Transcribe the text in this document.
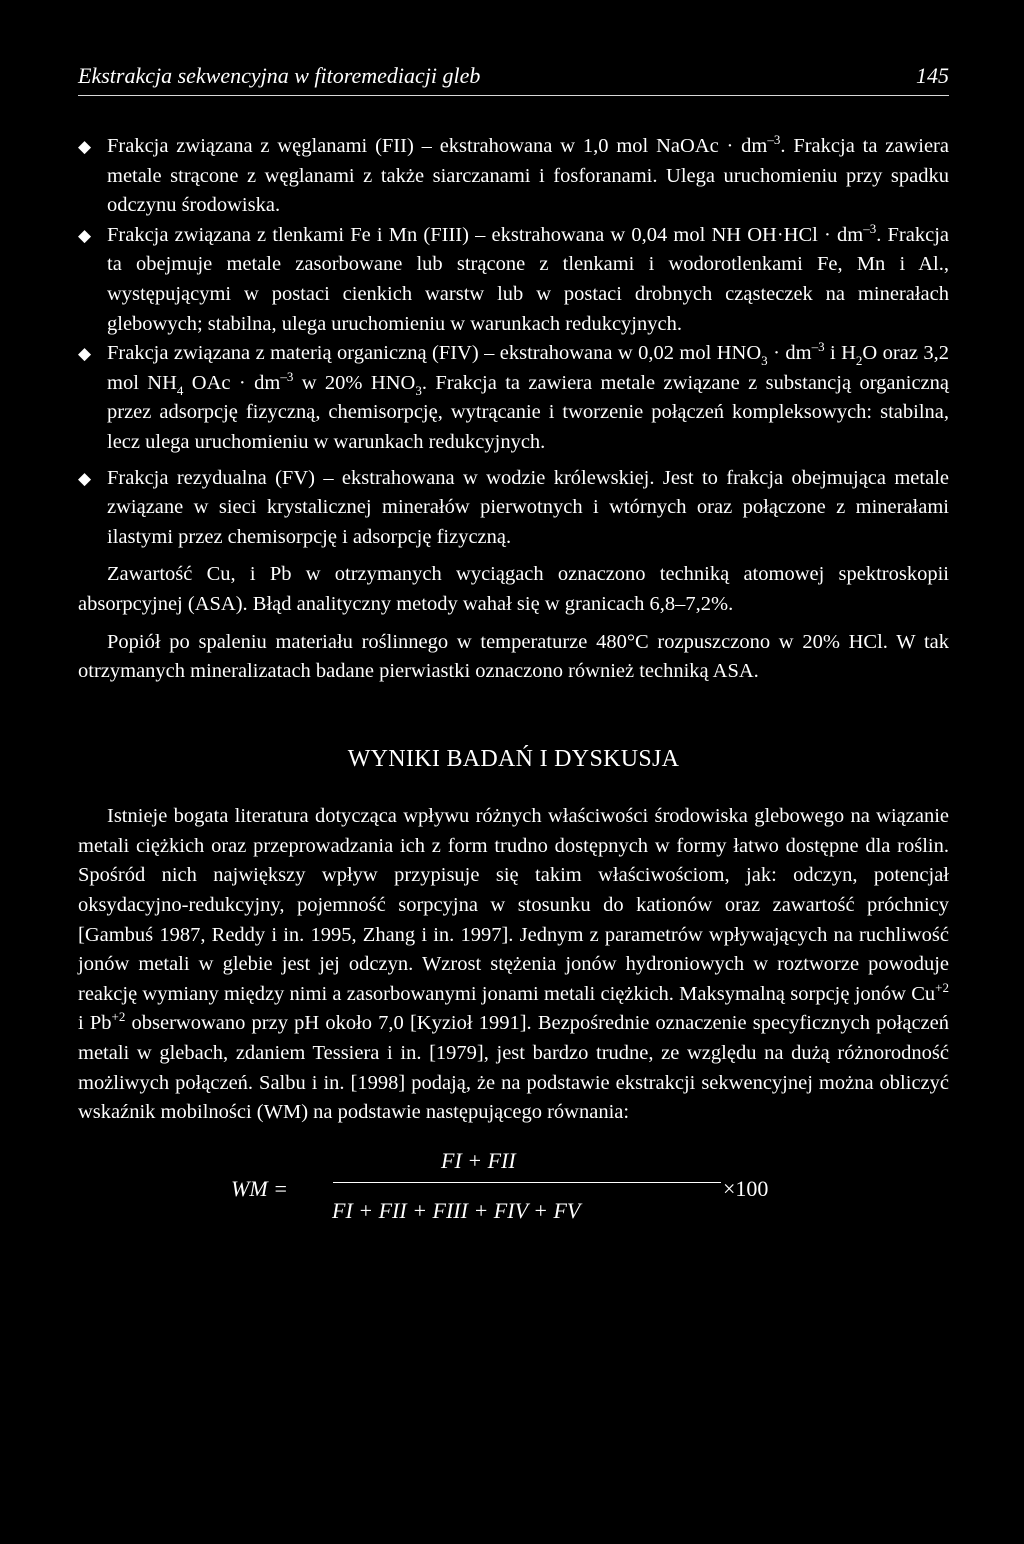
Ekstrakcja sekwencyjna w fitoremediacji gleb	145

◆ Frakcja związana z węglanami (FII) – ekstrahowana w 1,0 mol NaOAc · $dm^{-3}$. Frakcja ta zawiera metale strącone z węglanami z także siarczanami i fosforanami. Ulega uruchomieniu przy spadku odczynu środowiska.

◆ Frakcja związana z tlenkami Fe i Mn (FIII) – ekstrahowana w 0,04 mol NH $OH\cdot HCl \cdot dm^{-3}$. Frakcja ta obejmuje metale zasorbowane lub strącone z tlenkami i wodorotlenkami Fe, Mn i Al., występującymi w postaci cienkich warstw lub w postaci drobnych cząsteczek na minerałach glebowych; stabilna, ulega uruchomieniu w warunkach redukcyjnych.

◆ Frakcja związana z materią organiczną (FIV) – ekstrahowana w 0,02 mol $HNO_3 \cdot dm^{-3}$ i $H_2O$ oraz 3,2 mol $NH_4$ OAc · $dm^{-3}$ w 20% $HNO_3$. Frakcja ta zawiera metale związane z substancją organiczną przez adsorpcję fizyczną, chemisorpcję, wytrącanie i tworzenie połączeń kompleksowych: stabilna, lecz ulega uruchomieniu w warunkach redukcyjnych.

◆ Frakcja rezydualna (FV) – ekstrahowana w wodzie królewskiej. Jest to frakcja obejmująca metale związane w sieci krystalicznej minerałów pierwotnych i wtórnych oraz połączone z minerałami ilastymi przez chemisorpcję i adsorpcję fizyczną.

Zawartość Cu, i Pb w otrzymanych wyciągach oznaczono techniką atomowej spektroskopii absorpcyjnej (ASA). Błąd analityczny metody wahał się w granicach 6,8–7,2%.

Popiół po spaleniu materiału roślinnego w temperaturze 480°C rozpuszczono w 20% HCl. W tak otrzymanych mineralizatach badane pierwiastki oznaczono również techniką ASA.

WYNIKI BADAŃ I DYSKUSJA

Istnieje bogata literatura dotycząca wpływu różnych właściwości środowiska glebowego na wiązanie metali ciężkich oraz przeprowadzania ich z form trudno dostępnych w formy łatwo dostępne dla roślin. Spośród nich największy wpływ przypisuje się takim właściwościom, jak: odczyn, potencjał oksydacyjno-redukcyjny, pojemność sorpcyjna w stosunku do kationów oraz zawartość próchnicy [Gambuś 1987, Reddy i in. 1995, Zhang i in. 1997]. Jednym z parametrów wpływających na ruchliwość jonów metali w glebie jest jej odczyn. Wzrost stężenia jonów hydroniowych w roztworze powoduje reakcję wymiany między nimi a zasorbowanymi jonami metali ciężkich. Maksymalną sorpcję jonów $Cu^{+2}$ i $Pb^{+2}$ obserwowano przy pH około 7,0 [Kyzioł 1991]. Bezpośrednie oznaczenie specyficznych połączeń metali w glebach, zdaniem Tessiera i in. [1979], jest bardzo trudne, ze względu na dużą różnorodność możliwych połączeń. Salbu i in. [1998] podają, że na podstawie ekstrakcji sekwencyjnej można obliczyć wskaźnik mobilności (WM) na podstawie następującego równania:

WM =
FI + FII
FI + FII + FIII + FIV + FV
×100
